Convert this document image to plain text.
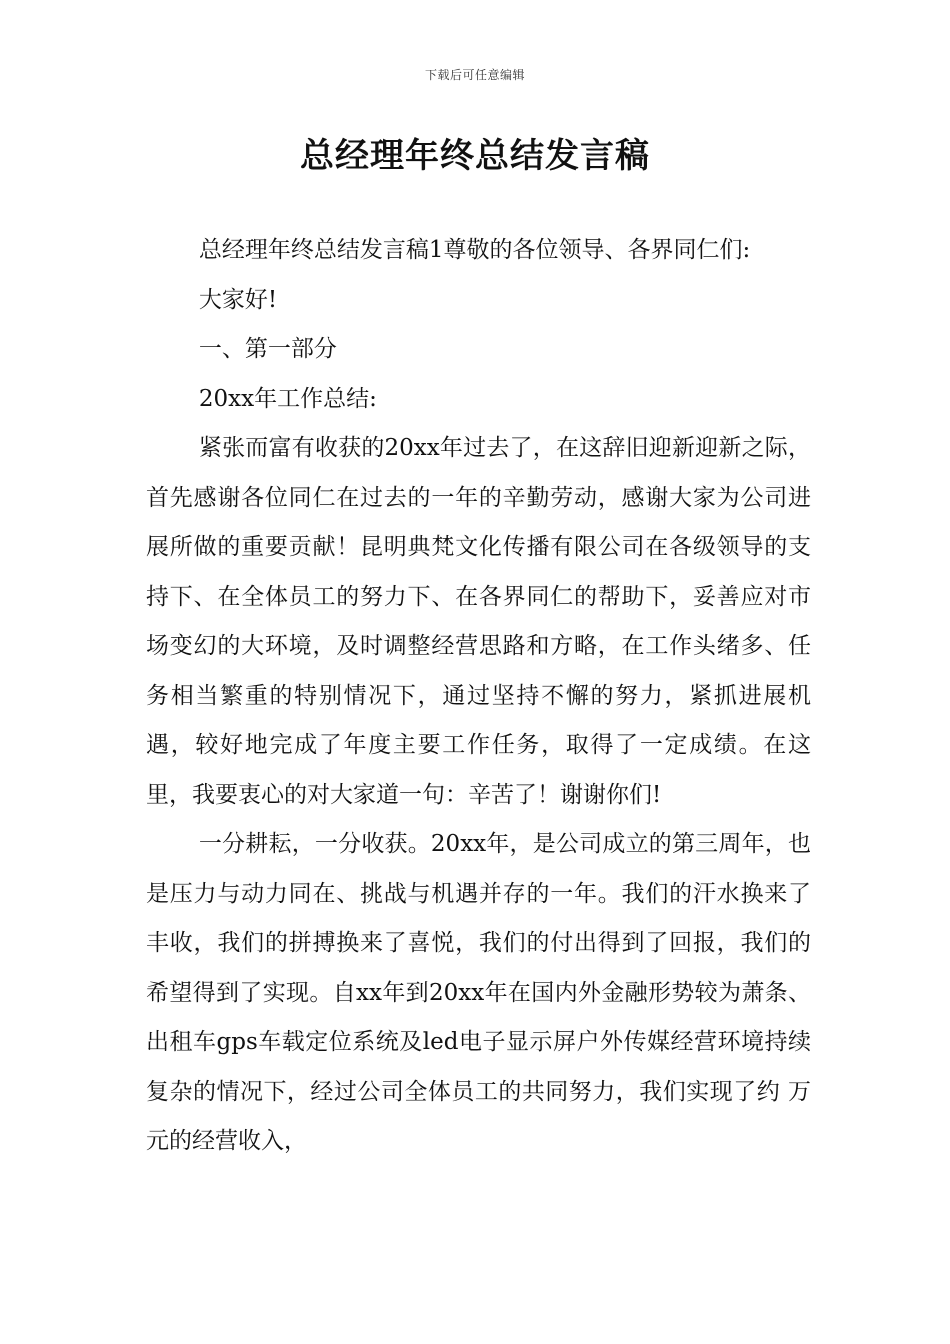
下载后可任意编辑
总经理年终总结发言稿

总经理年终总结发言稿1尊敬的各位领导、各界同仁们:

大家好!

一、第一部分

20xx年工作总结:

紧张而富有收获的20xx年过去了，在这辞旧迎新迎新之际，首先感谢各位同仁在过去的一年的辛勤劳动，感谢大家为公司进展所做的重要贡献！昆明典梵文化传播有限公司在各级领导的支持下、在全体员工的努力下、在各界同仁的帮助下，妥善应对市场变幻的大环境，及时调整经营思路和方略，在工作头绪多、任务相当繁重的特别情况下，通过坚持不懈的努力，紧抓进展机遇，较好地完成了年度主要工作任务，取得了一定成绩。在这里，我要衷心的对大家道一句：辛苦了！谢谢你们!

一分耕耘，一分收获。20xx年，是公司成立的第三周年，也是压力与动力同在、挑战与机遇并存的一年。我们的汗水换来了丰收，我们的拼搏换来了喜悦，我们的付出得到了回报，我们的希望得到了实现。自xx年到20xx年在国内外金融形势较为萧条、出租车gps车载定位系统及led电子显示屏户外传媒经营环境持续复杂的情况下，经过公司全体员工的共同努力，我们实现了约 万元的经营收入，
